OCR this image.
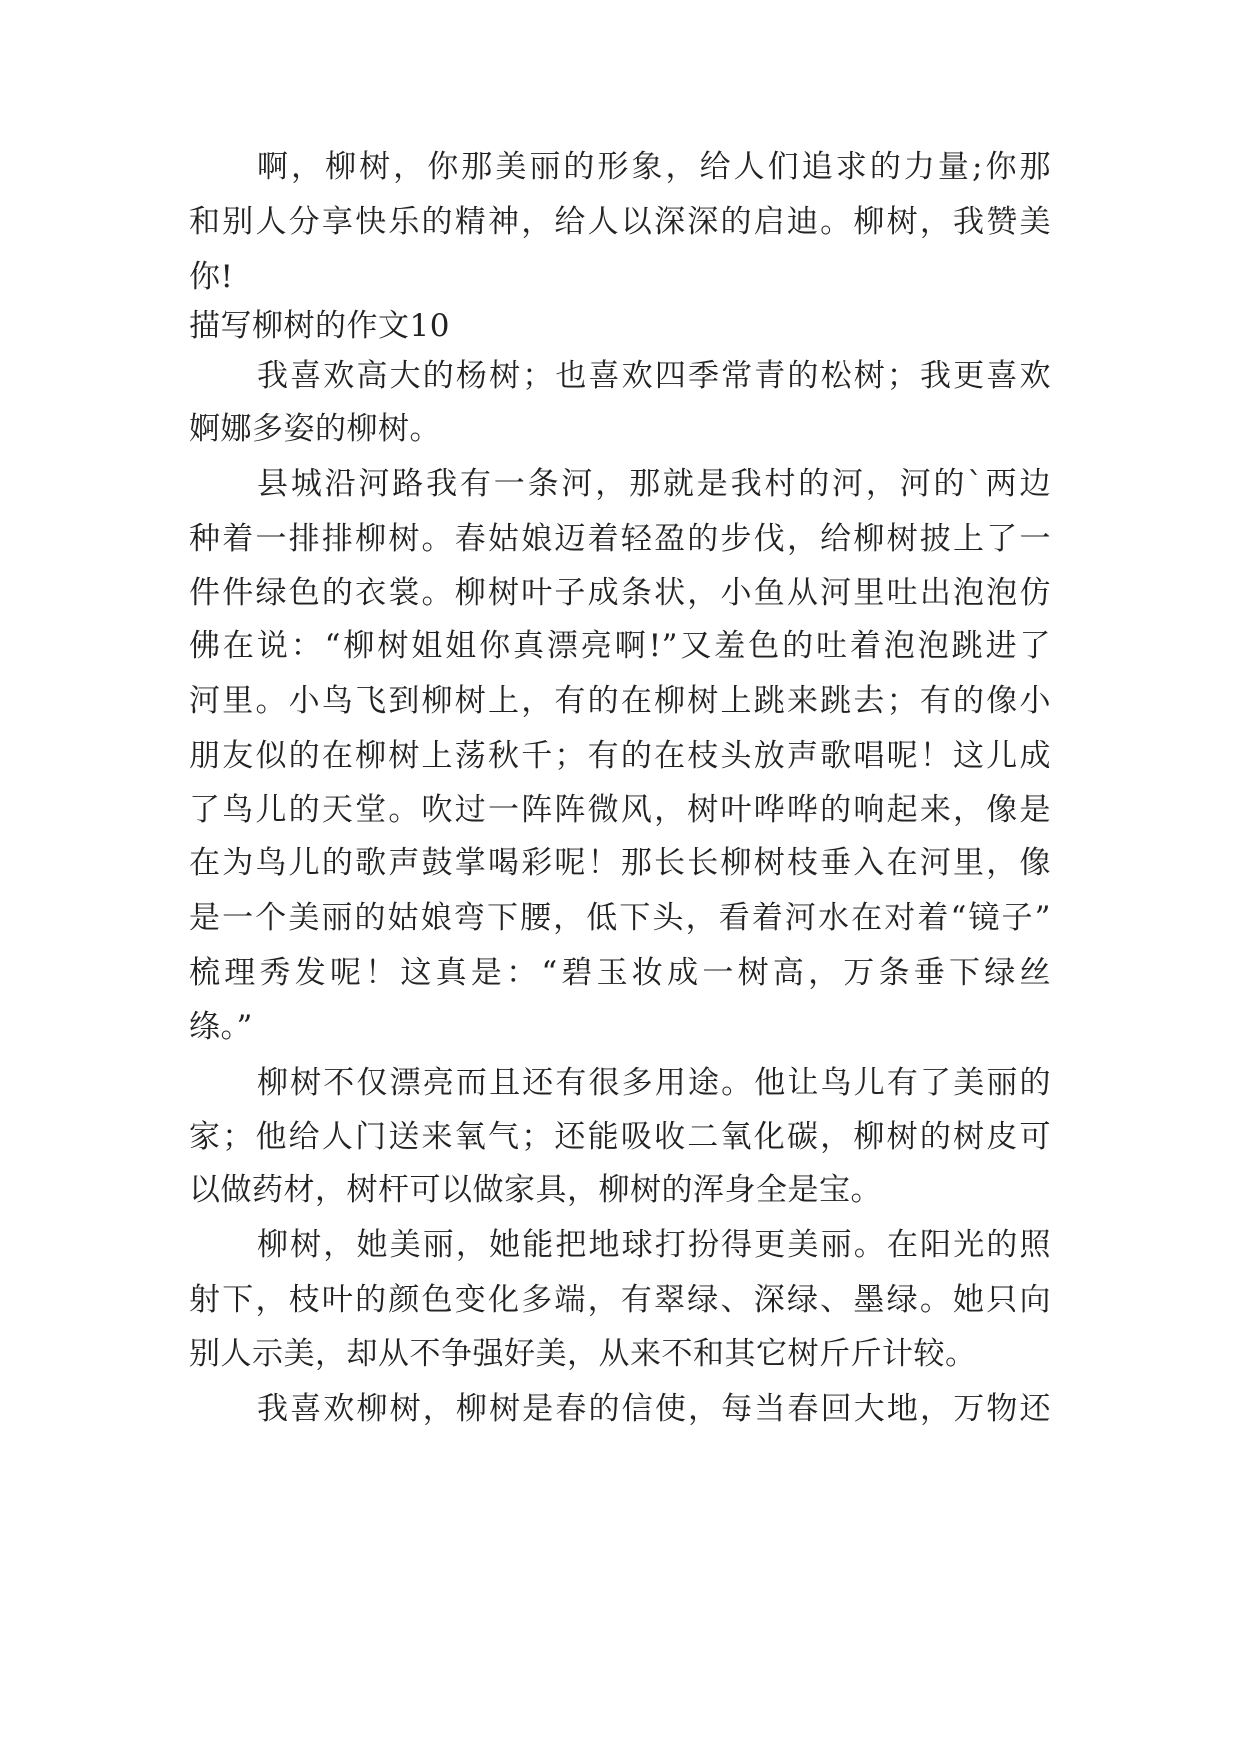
啊，柳树，你那美丽的形象，给人们追求的力量;你那
和别人分享快乐的精神，给人以深深的启迪。柳树，我赞美
你!
描写柳树的作文10
我喜欢高大的杨树；也喜欢四季常青的松树；我更喜欢
婀娜多姿的柳树。
县城沿河路我有一条河，那就是我村的河，河的`两边
种着一排排柳树。春姑娘迈着轻盈的步伐，给柳树披上了一
件件绿色的衣裳。柳树叶子成条状，小鱼从河里吐出泡泡仿
佛在说：“柳树姐姐你真漂亮啊!”又羞色的吐着泡泡跳进了
河里。小鸟飞到柳树上，有的在柳树上跳来跳去；有的像小
朋友似的在柳树上荡秋千；有的在枝头放声歌唱呢！这儿成
了鸟儿的天堂。吹过一阵阵微风，树叶哗哗的响起来，像是
在为鸟儿的歌声鼓掌喝彩呢！那长长柳树枝垂入在河里，像
是一个美丽的姑娘弯下腰，低下头，看着河水在对着“镜子”
梳理秀发呢！这真是：“碧玉妆成一树高，万条垂下绿丝
绦。”
柳树不仅漂亮而且还有很多用途。他让鸟儿有了美丽的
家；他给人门送来氧气；还能吸收二氧化碳，柳树的树皮可
以做药材，树杆可以做家具，柳树的浑身全是宝。
柳树，她美丽，她能把地球打扮得更美丽。在阳光的照
射下，枝叶的颜色变化多端，有翠绿、深绿、墨绿。她只向
别人示美，却从不争强好美，从来不和其它树斤斤计较。
我喜欢柳树，柳树是春的信使，每当春回大地，万物还
